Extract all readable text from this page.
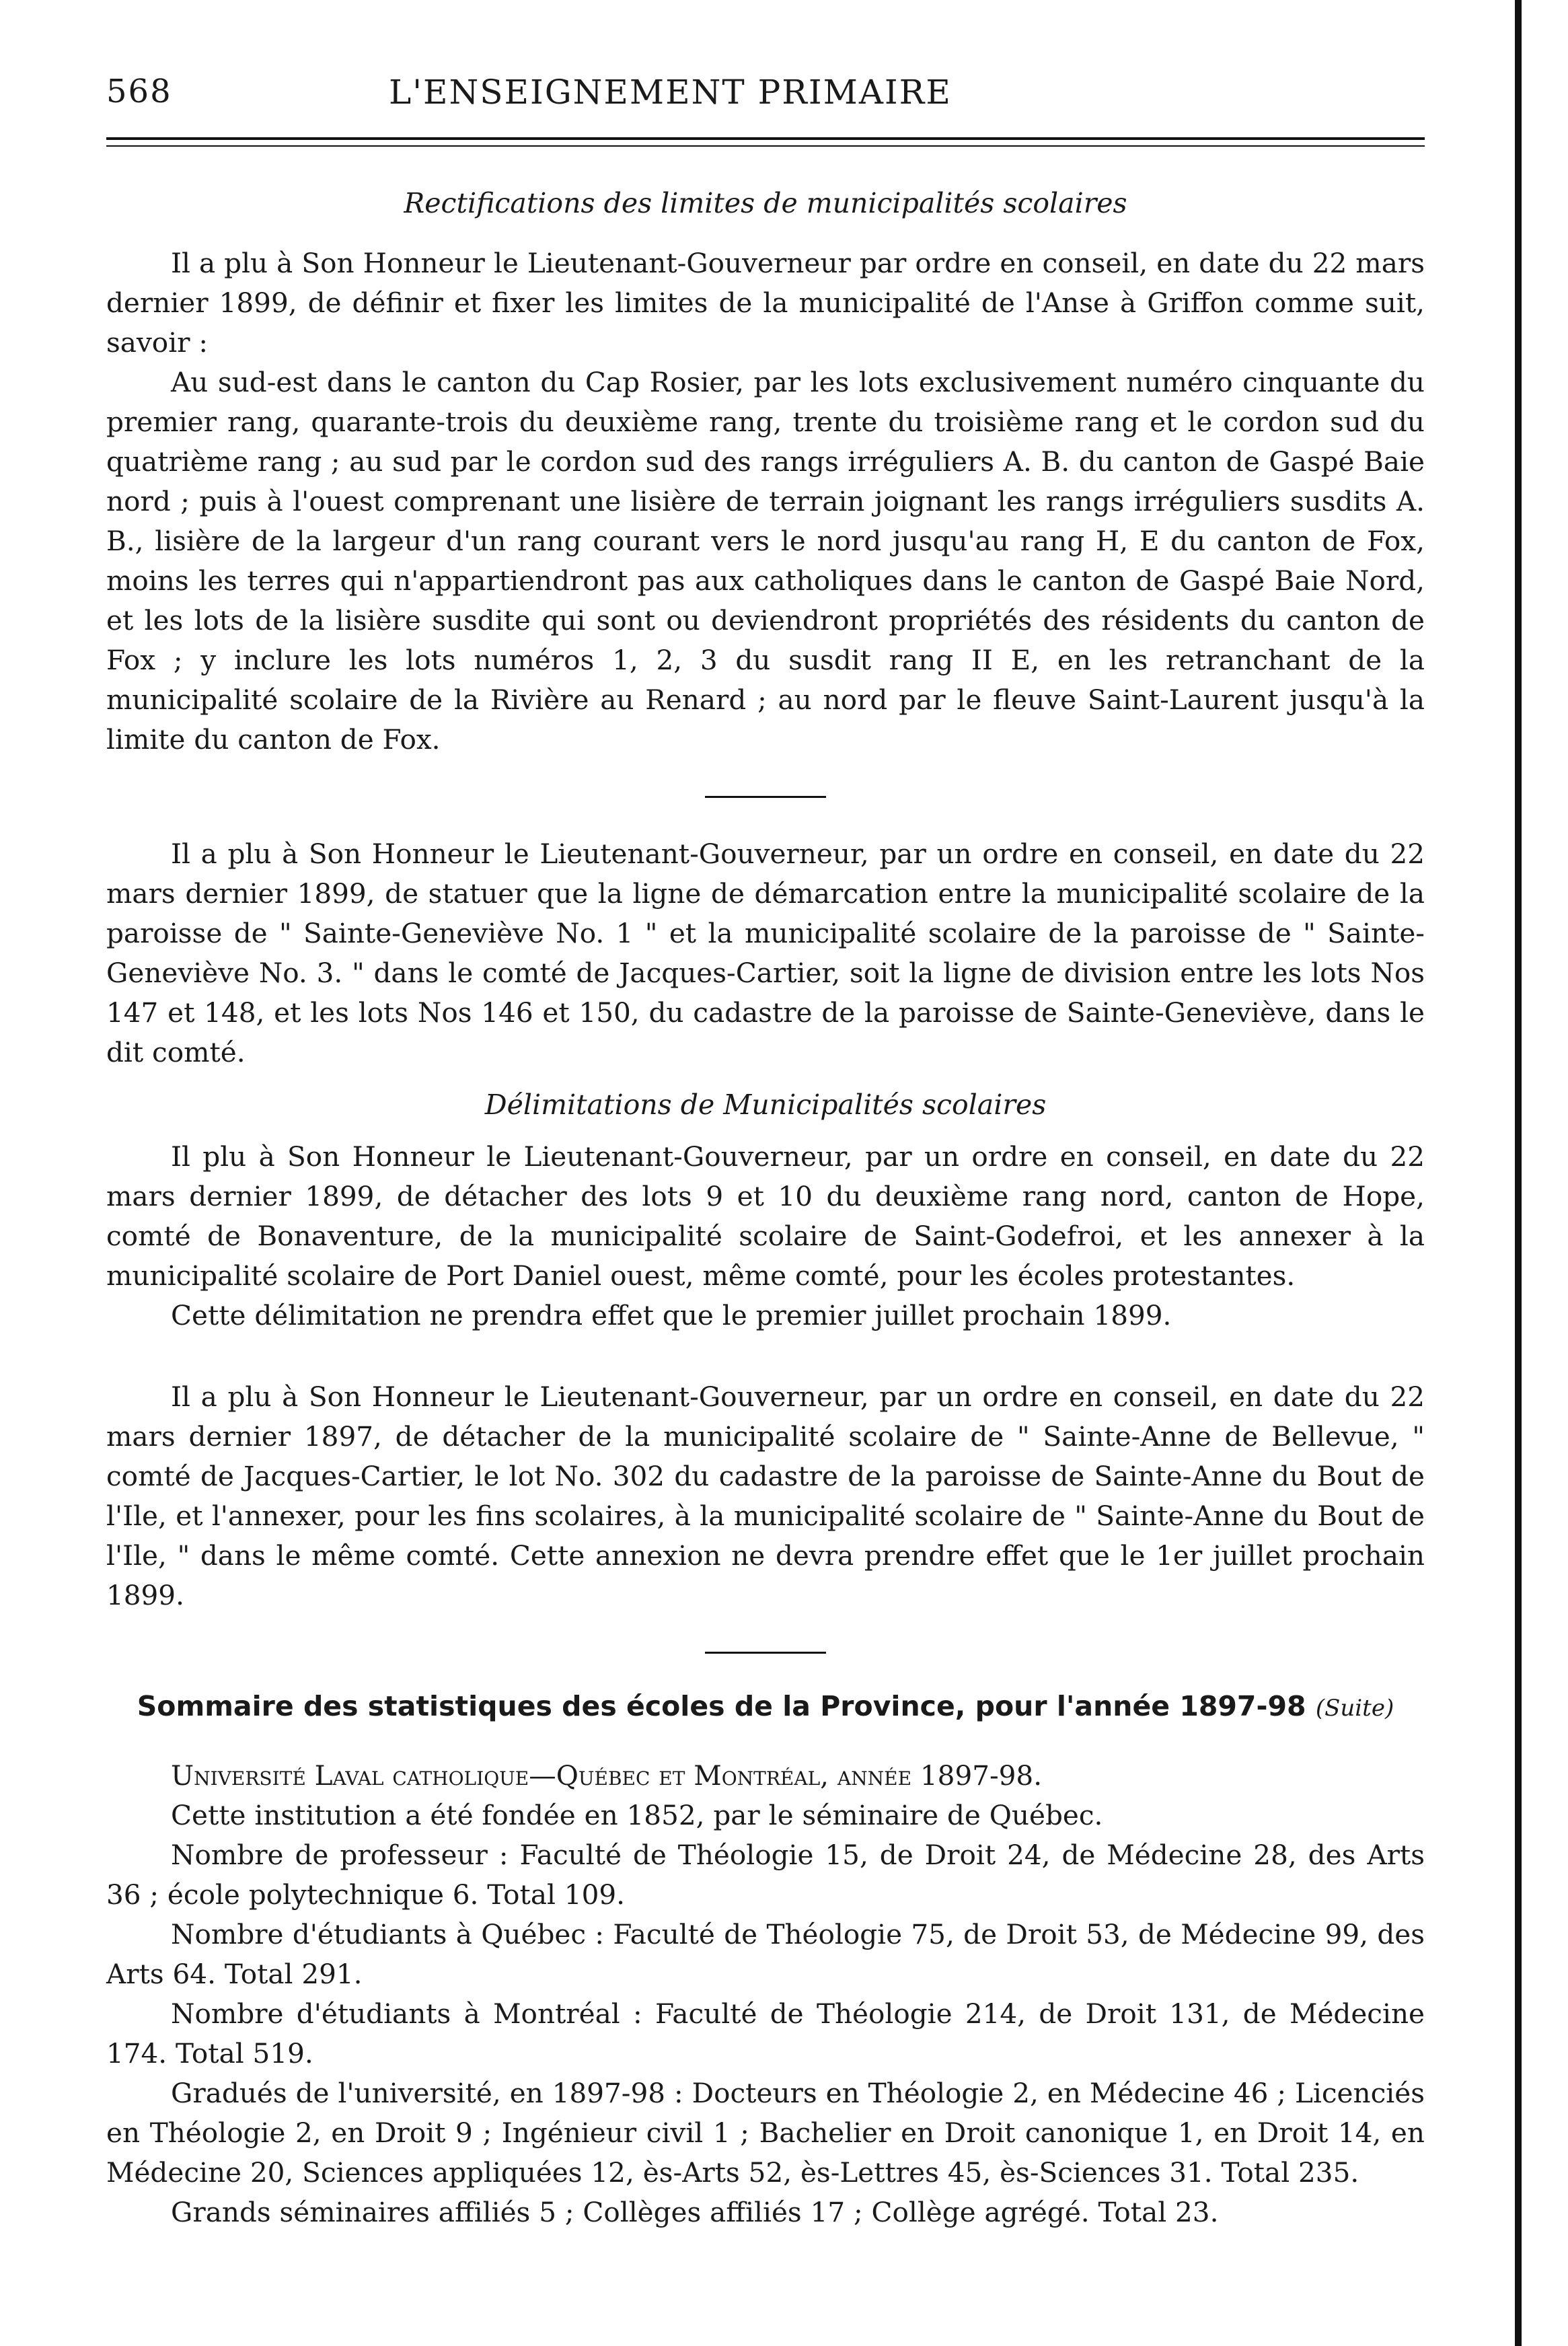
568	L'ENSEIGNEMENT PRIMAIRE
Rectifications des limites de municipalités scolaires

Il a plu à Son Honneur le Lieutenant-Gouverneur par ordre en conseil, en date du 22 mars dernier 1899, de définir et fixer les limites de la municipalité de l'Anse à Griffon comme suit, savoir :

Au sud-est dans le canton du Cap Rosier, par les lots exclusivement numéro cinquante du premier rang, quarante-trois du deuxième rang, trente du troisième rang et le cordon sud du quatrième rang ; au sud par le cordon sud des rangs irréguliers A. B. du canton de Gaspé Baie nord ; puis à l'ouest comprenant une lisière de terrain joignant les rangs irréguliers susdits A. B., lisière de la largeur d'un rang courant vers le nord jusqu'au rang H, E du canton de Fox, moins les terres qui n'appartiendront pas aux catholiques dans le canton de Gaspé Baie Nord, et les lots de la lisière susdite qui sont ou deviendront propriétés des résidents du canton de Fox ; y inclure les lots numéros 1, 2, 3 du susdit rang II E, en les retranchant de la municipalité scolaire de la Rivière au Renard ; au nord par le fleuve Saint-Laurent jusqu'à la limite du canton de Fox.

Il a plu à Son Honneur le Lieutenant-Gouverneur, par un ordre en conseil, en date du 22 mars dernier 1899, de statuer que la ligne de démarcation entre la municipalité scolaire de la paroisse de " Sainte-Geneviève No. 1 " et la municipalité scolaire de la paroisse de " Sainte-Geneviève No. 3. " dans le comté de Jacques-Cartier, soit la ligne de division entre les lots Nos 147 et 148, et les lots Nos 146 et 150, du cadastre de la paroisse de Sainte-Geneviève, dans le dit comté.

Délimitations de Municipalités scolaires

Il plu à Son Honneur le Lieutenant-Gouverneur, par un ordre en conseil, en date du 22 mars dernier 1899, de détacher des lots 9 et 10 du deuxième rang nord, canton de Hope, comté de Bonaventure, de la municipalité scolaire de Saint-Godefroi, et les annexer à la municipalité scolaire de Port Daniel ouest, même comté, pour les écoles protestantes.

Cette délimitation ne prendra effet que le premier juillet prochain 1899.

Il a plu à Son Honneur le Lieutenant-Gouverneur, par un ordre en conseil, en date du 22 mars dernier 1897, de détacher de la municipalité scolaire de " Sainte-Anne de Bellevue, " comté de Jacques-Cartier, le lot No. 302 du cadastre de la paroisse de Sainte-Anne du Bout de l'Ile, et l'annexer, pour les fins scolaires, à la municipalité scolaire de " Sainte-Anne du Bout de l'Ile, " dans le même comté. Cette annexion ne devra prendre effet que le 1er juillet prochain 1899.

Sommaire des statistiques des écoles de la Province, pour l'année 1897-98 (Suite)
Université Laval catholique—Québec et Montréal, année 1897-98.

Cette institution a été fondée en 1852, par le séminaire de Québec.

Nombre de professeur : Faculté de Théologie 15, de Droit 24, de Médecine 28, des Arts 36 ; école polytechnique 6. Total 109.

Nombre d'étudiants à Québec : Faculté de Théologie 75, de Droit 53, de Médecine 99, des Arts 64. Total 291.

Nombre d'étudiants à Montréal : Faculté de Théologie 214, de Droit 131, de Médecine 174. Total 519.

Gradués de l'université, en 1897-98 : Docteurs en Théologie 2, en Médecine 46 ; Licenciés en Théologie 2, en Droit 9 ; Ingénieur civil 1 ; Bachelier en Droit canonique 1, en Droit 14, en Médecine 20, Sciences appliquées 12, ès-Arts 52, ès-Lettres 45, ès-Sciences 31. Total 235.

Grands séminaires affiliés 5 ; Collèges affiliés 17 ; Collège agrégé. Total 23.
